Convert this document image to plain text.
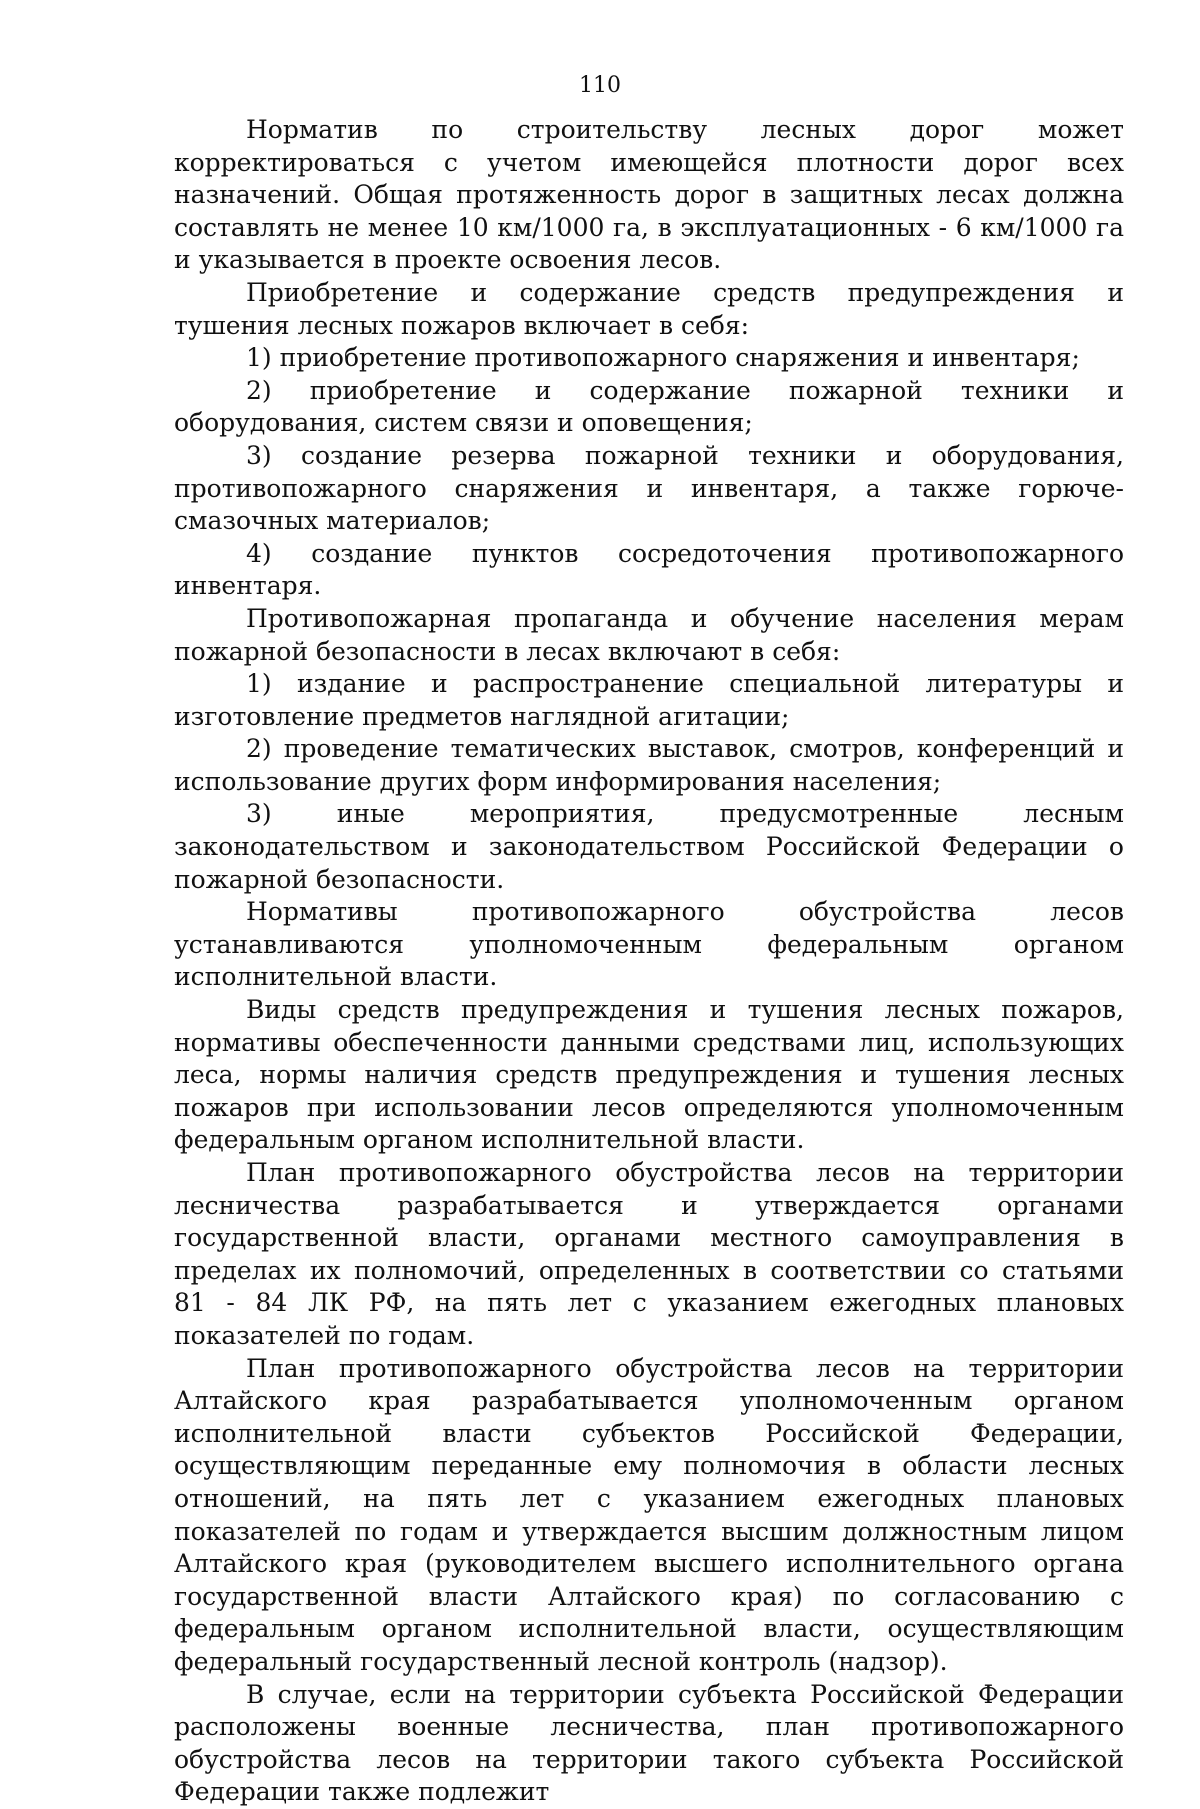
110

Норматив по строительству лесных дорог может корректироваться с учетом имеющейся плотности дорог всех назначений. Общая протяженность дорог в защитных лесах должна составлять не менее 10 км/1000 га, в эксплуатационных - 6 км/1000 га и указывается в проекте освоения лесов.

Приобретение и содержание средств предупреждения и тушения лесных пожаров включает в себя:

1) приобретение противопожарного снаряжения и инвентаря;

2) приобретение и содержание пожарной техники и оборудования, систем связи и оповещения;

3) создание резерва пожарной техники и оборудования, противопожарного снаряжения и инвентаря, а также горюче-смазочных материалов;

4) создание пунктов сосредоточения противопожарного инвентаря.

Противопожарная пропаганда и обучение населения мерам пожарной безопасности в лесах включают в себя:

1) издание и распространение специальной литературы и изготовление предметов наглядной агитации;

2) проведение тематических выставок, смотров, конференций и использование других форм информирования населения;

3) иные мероприятия, предусмотренные лесным законодательством и законодательством Российской Федерации о пожарной безопасности.

Нормативы противопожарного обустройства лесов устанавливаются уполномоченным федеральным органом исполнительной власти.

Виды средств предупреждения и тушения лесных пожаров, нормативы обеспеченности данными средствами лиц, использующих леса, нормы наличия средств предупреждения и тушения лесных пожаров при использовании лесов определяются уполномоченным федеральным органом исполнительной власти.

План противопожарного обустройства лесов на территории лесничества разрабатывается и утверждается органами государственной власти, органами местного самоуправления в пределах их полномочий, определенных в соответствии со статьями 81 - 84 ЛК РФ, на пять лет с указанием ежегодных плановых показателей по годам.

План противопожарного обустройства лесов на территории Алтайского края разрабатывается уполномоченным органом исполнительной власти субъектов Российской Федерации, осуществляющим переданные ему полномочия в области лесных отношений, на пять лет с указанием ежегодных плановых показателей по годам и утверждается высшим должностным лицом Алтайского края (руководителем высшего исполнительного органа государственной власти Алтайского края) по согласованию с федеральным органом исполнительной власти, осуществляющим федеральный государственный лесной контроль (надзор).

В случае, если на территории субъекта Российской Федерации расположены военные лесничества, план противопожарного обустройства лесов на территории такого субъекта Российской Федерации также подлежит
